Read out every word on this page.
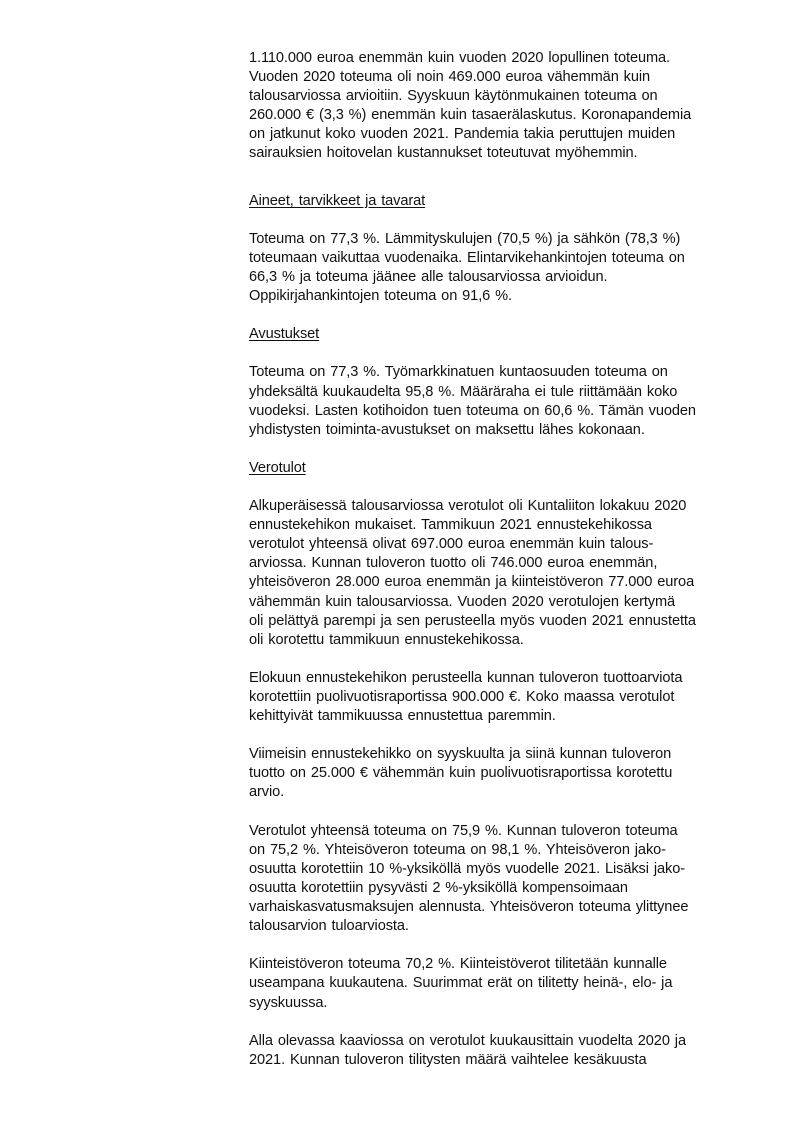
1.110.000 euroa enemmän kuin vuoden 2020 lopullinen toteuma.
Vuoden 2020 toteuma oli noin 469.000 euroa vähemmän kuin
talousarviossa arvioitiin. Syyskuun käytönmukainen toteuma on
260.000 € (3,3 %) enemmän kuin tasaerälaskutus. Koronapandemia
on jatkunut koko vuoden 2021. Pandemia takia peruttujen muiden
sairauksien hoitovelan kustannukset toteutuvat myöhemmin.

Aineet, tarvikkeet ja tavarat

Toteuma on 77,3 %. Lämmityskulujen (70,5 %) ja sähkön (78,3 %)
toteumaan vaikuttaa vuodenaika. Elintarvikehankintojen toteuma on
66,3 % ja toteuma jäänee alle talousarviossa arvioidun.
Oppikirjahankintojen toteuma on 91,6 %.

Avustukset

Toteuma on 77,3 %. Työmarkkinatuen kuntaosuuden toteuma on
yhdeksältä kuukaudelta 95,8 %. Määräraha ei tule riittämään koko
vuodeksi. Lasten kotihoidon tuen toteuma on 60,6 %. Tämän vuoden
yhdistysten toiminta-avustukset on maksettu lähes kokonaan.

Verotulot

Alkuperäisessä talousarviossa verotulot oli Kuntaliiton lokakuu 2020
ennustekehikon mukaiset. Tammikuun 2021 ennustekehikossa
verotulot yhteensä olivat 697.000 euroa enemmän kuin talous-
arviossa. Kunnan tuloveron tuotto oli 746.000 euroa enemmän,
yhteisöveron 28.000 euroa enemmän ja kiinteistöveron 77.000 euroa
vähemmän kuin talousarviossa. Vuoden 2020 verotulojen kertymä
oli pelättyä parempi ja sen perusteella myös vuoden 2021 ennustetta
oli korotettu tammikuun ennustekehikossa.

Elokuun ennustekehikon perusteella kunnan tuloveron tuottoarviota
korotettiin puolivuotisraportissa 900.000 €. Koko maassa verotulot
kehittyivät tammikuussa ennustettua paremmin.

Viimeisin ennustekehikko on syyskuulta ja siinä kunnan tuloveron
tuotto on 25.000 € vähemmän kuin puolivuotisraportissa korotettu
arvio.

Verotulot yhteensä toteuma on 75,9 %. Kunnan tuloveron toteuma
on 75,2 %. Yhteisöveron toteuma on 98,1 %. Yhteisöveron jako-
osuutta korotettiin 10 %-yksiköllä myös vuodelle 2021. Lisäksi jako-
osuutta korotettiin pysyvästi 2 %-yksiköllä kompensoimaan
varhaiskasvatusmaksujen alennusta. Yhteisöveron toteuma ylittynee
talousarvion tuloarviosta.

Kiinteistöveron toteuma 70,2 %. Kiinteistöverot tilitetään kunnalle
useampana kuukautena. Suurimmat erät on tilitetty heinä-, elo- ja
syyskuussa.

Alla olevassa kaaviossa on verotulot kuukausittain vuodelta 2020 ja
2021. Kunnan tuloveron tilitysten määrä vaihtelee kesäkuusta
